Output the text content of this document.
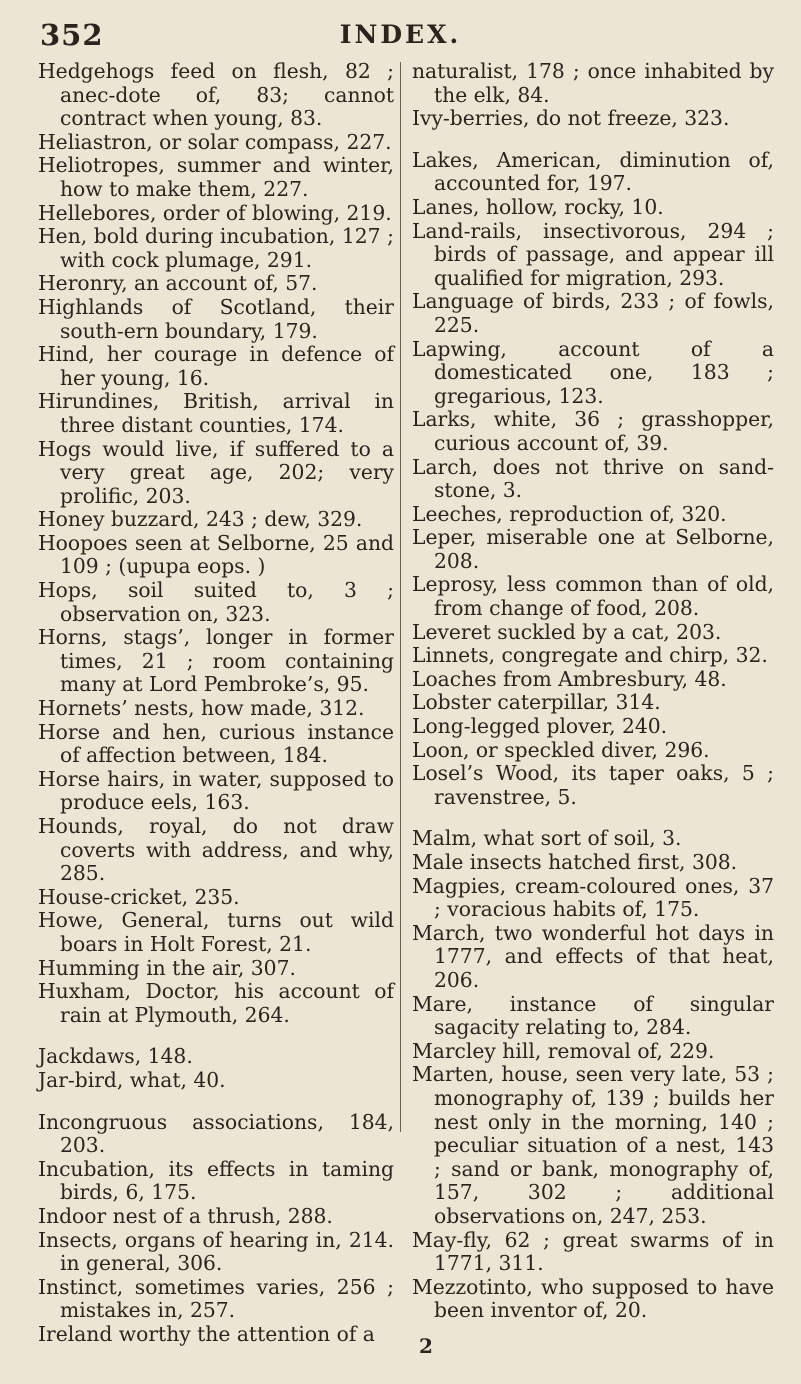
352	INDEX.

Hedgehogs feed on flesh, 82 ; anec-dote of, 83; cannot contract when young, 83.

Heliastron, or solar compass, 227.

Heliotropes, summer and winter, how to make them, 227.

Hellebores, order of blowing, 219.

Hen, bold during incubation, 127 ; with cock plumage, 291.

Heronry, an account of, 57.

Highlands of Scotland, their south-ern boundary, 179.

Hind, her courage in defence of her young, 16.

Hirundines, British, arrival in three distant counties, 174.

Hogs would live, if suffered to a very great age, 202; very prolific, 203.

Honey buzzard, 243 ; dew, 329.

Hoopoes seen at Selborne, 25 and 109 ; (upupa eops. )

Hops, soil suited to, 3 ; observation on, 323.

Horns, stags’, longer in former times, 21 ; room containing many at Lord Pembroke’s, 95.

Hornets’ nests, how made, 312.

Horse and hen, curious instance of affection between, 184.

Horse hairs, in water, supposed to produce eels, 163.

Hounds, royal, do not draw coverts with address, and why, 285.

House-cricket, 235.

Howe, General, turns out wild boars in Holt Forest, 21.

Humming in the air, 307.

Huxham, Doctor, his account of rain at Plymouth, 264.

Jackdaws, 148.

Jar-bird, what, 40.

Incongruous associations, 184, 203.

Incubation, its effects in taming birds, 6, 175.

Indoor nest of a thrush, 288.

Insects, organs of hearing in, 214. in general, 306.

Instinct, sometimes varies, 256 ; mistakes in, 257.

Ireland worthy the attention of a

naturalist, 178 ; once inhabited by the elk, 84.

Ivy-berries, do not freeze, 323.

Lakes, American, diminution of, accounted for, 197.

Lanes, hollow, rocky, 10.

Land-rails, insectivorous, 294 ; birds of passage, and appear ill qualified for migration, 293.

Language of birds, 233 ; of fowls, 225.

Lapwing, account of a domesticated one, 183 ; gregarious, 123.

Larks, white, 36 ; grasshopper, curious account of, 39.

Larch, does not thrive on sand-stone, 3.

Leeches, reproduction of, 320.

Leper, miserable one at Selborne, 208.

Leprosy, less common than of old, from change of food, 208.

Leveret suckled by a cat, 203.

Linnets, congregate and chirp, 32.

Loaches from Ambresbury, 48.

Lobster caterpillar, 314.

Long-legged plover, 240.

Loon, or speckled diver, 296.

Losel’s Wood, its taper oaks, 5 ; ravenstree, 5.

Malm, what sort of soil, 3.

Male insects hatched first, 308.

Magpies, cream-coloured ones, 37 ; voracious habits of, 175.

March, two wonderful hot days in 1777, and effects of that heat, 206.

Mare, instance of singular sagacity relating to, 284.

Marcley hill, removal of, 229.

Marten, house, seen very late, 53 ; monography of, 139 ; builds her nest only in the morning, 140 ; peculiar situation of a nest, 143 ; sand or bank, monography of, 157, 302 ; additional observations on, 247, 253.

May-fly, 62 ; great swarms of in 1771, 311.

Mezzotinto, who supposed to have been inventor of, 20.

2
